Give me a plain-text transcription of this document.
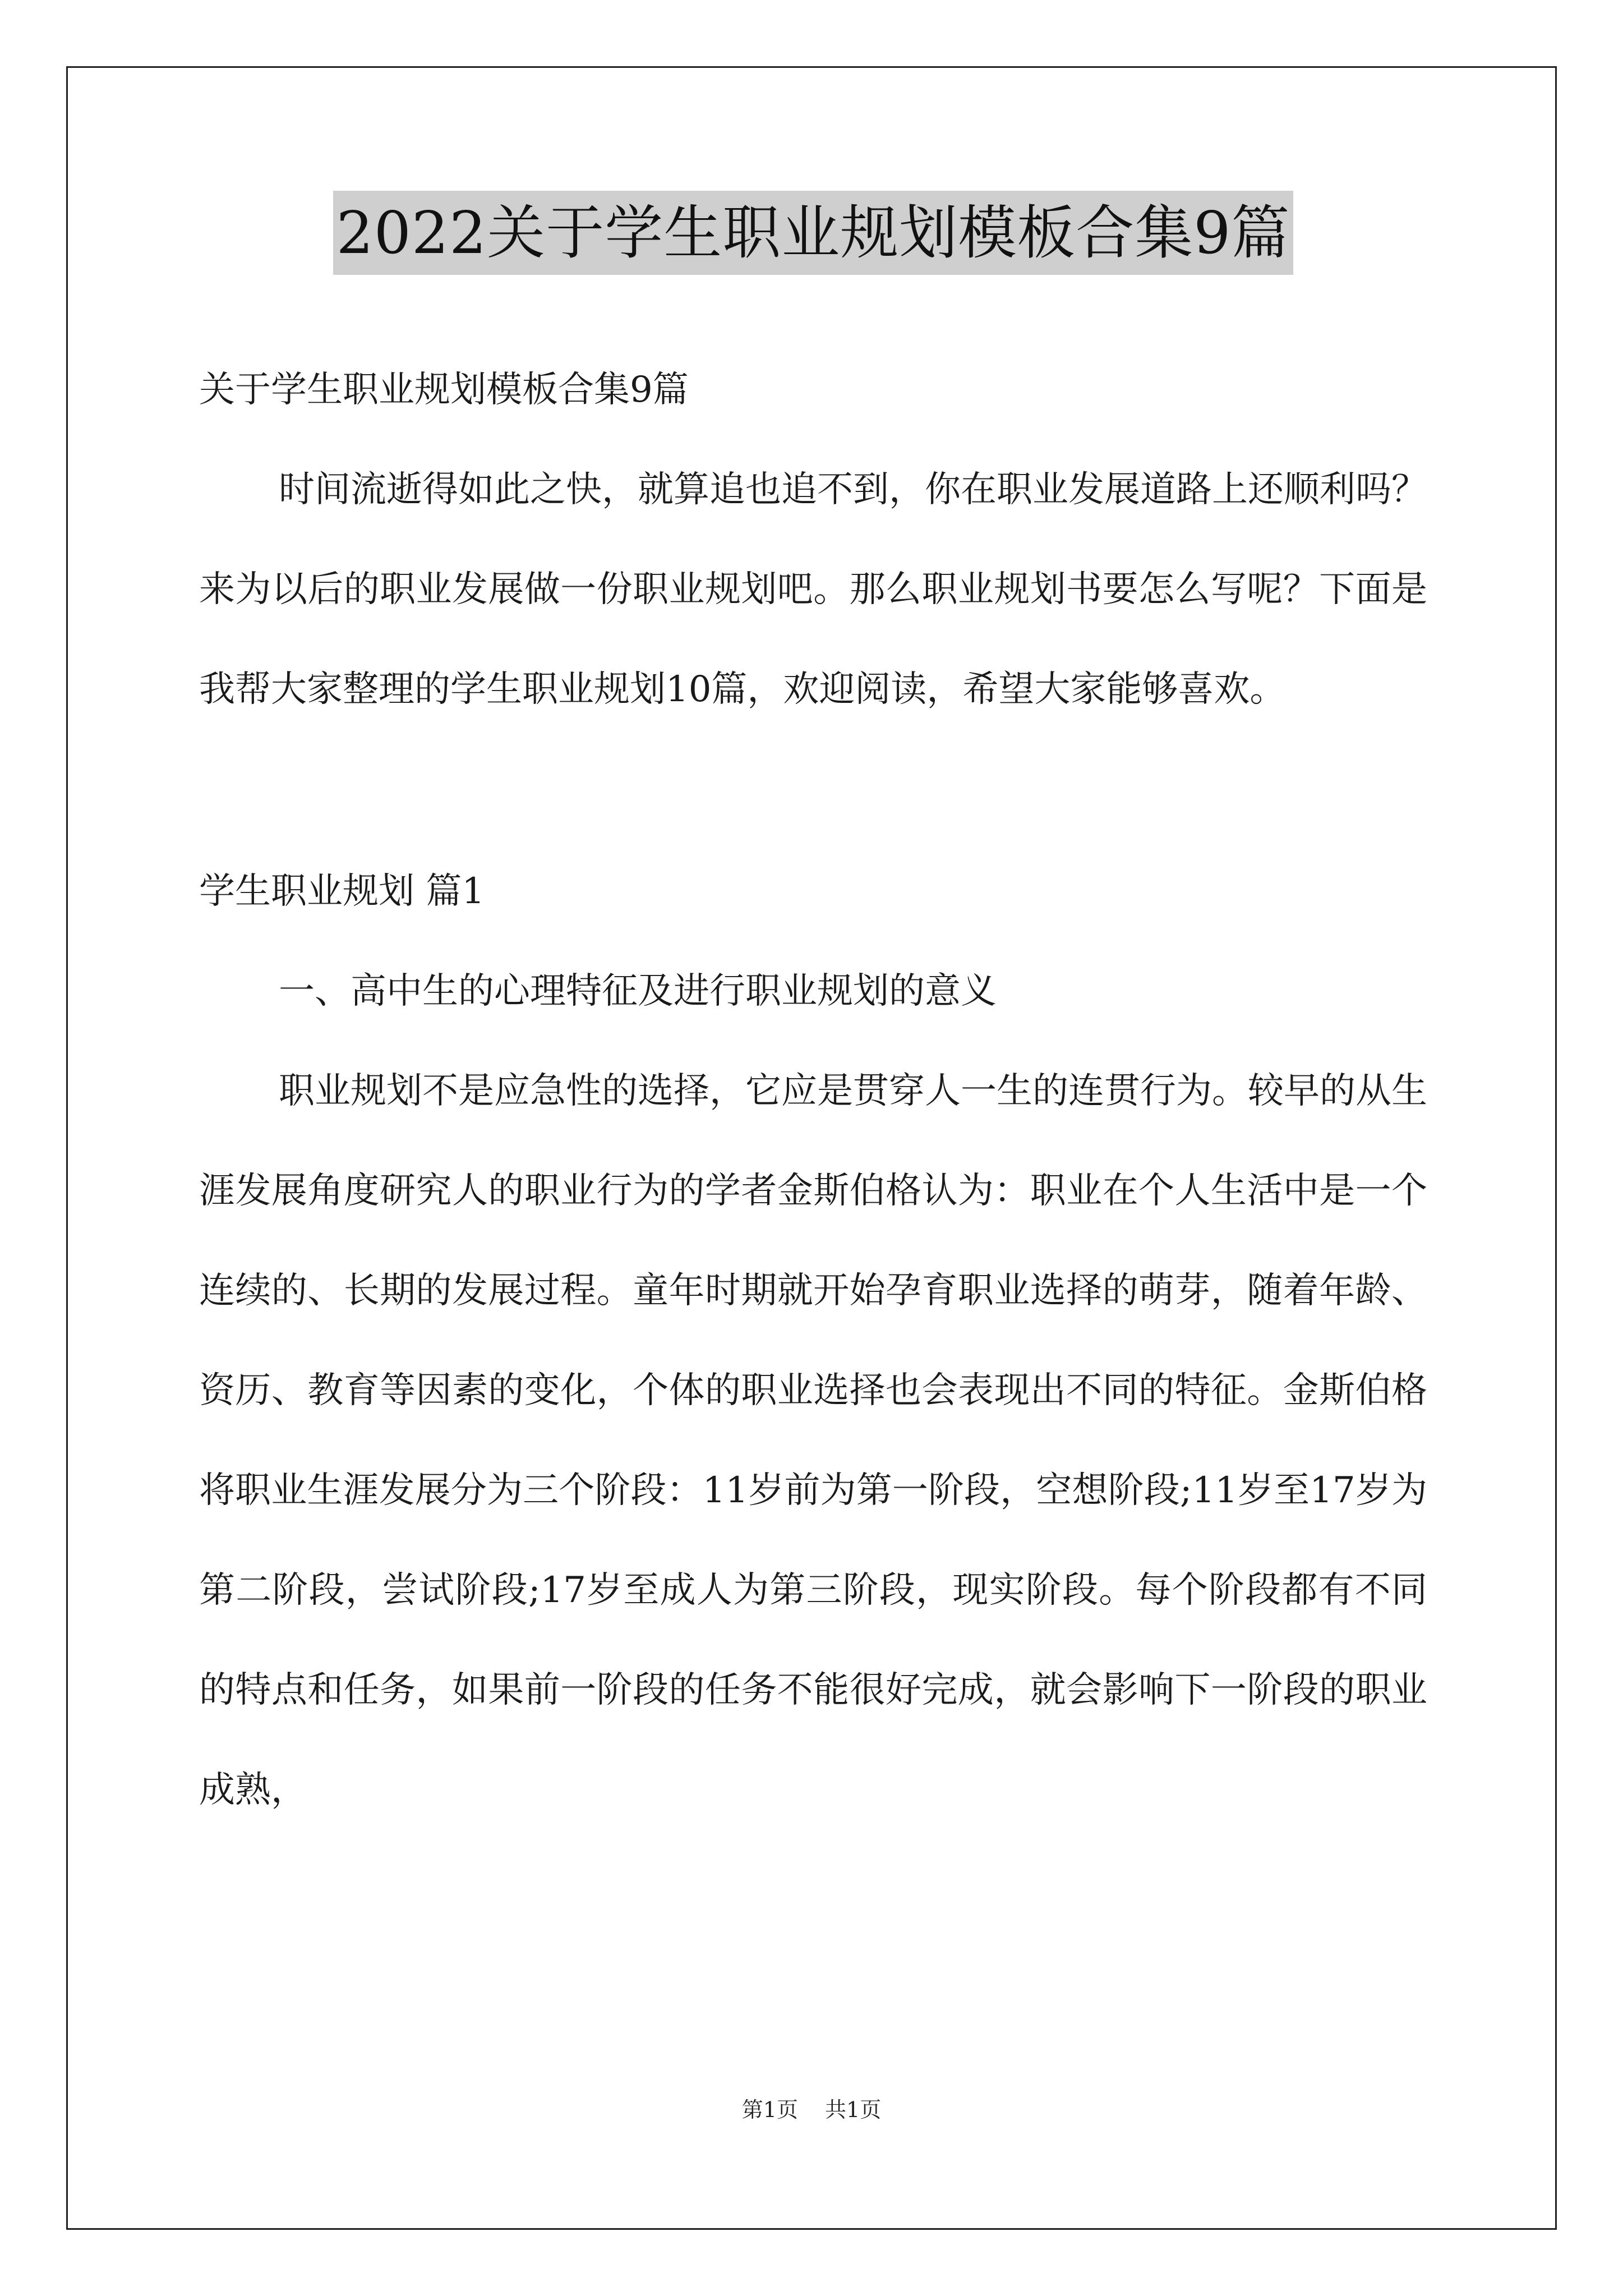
2022关于学生职业规划模板合集9篇

关于学生职业规划模板合集9篇

时间流逝得如此之快，就算追也追不到，你在职业发展道路上还顺利吗？来为以后的职业发展做一份职业规划吧。那么职业规划书要怎么写呢？下面是我帮大家整理的学生职业规划10篇，欢迎阅读，希望大家能够喜欢。

学生职业规划 篇1

一、高中生的心理特征及进行职业规划的意义

职业规划不是应急性的选择，它应是贯穿人一生的连贯行为。较早的从生涯发展角度研究人的职业行为的学者金斯伯格认为：职业在个人生活中是一个连续的、长期的发展过程。童年时期就开始孕育职业选择的萌芽，随着年龄、资历、教育等因素的变化，个体的职业选择也会表现出不同的特征。金斯伯格将职业生涯发展分为三个阶段：11岁前为第一阶段，空想阶段;11岁至17岁为第二阶段，尝试阶段;17岁至成人为第三阶段，现实阶段。每个阶段都有不同的特点和任务，如果前一阶段的任务不能很好完成，就会影响下一阶段的职业成熟，

第1页 共1页
